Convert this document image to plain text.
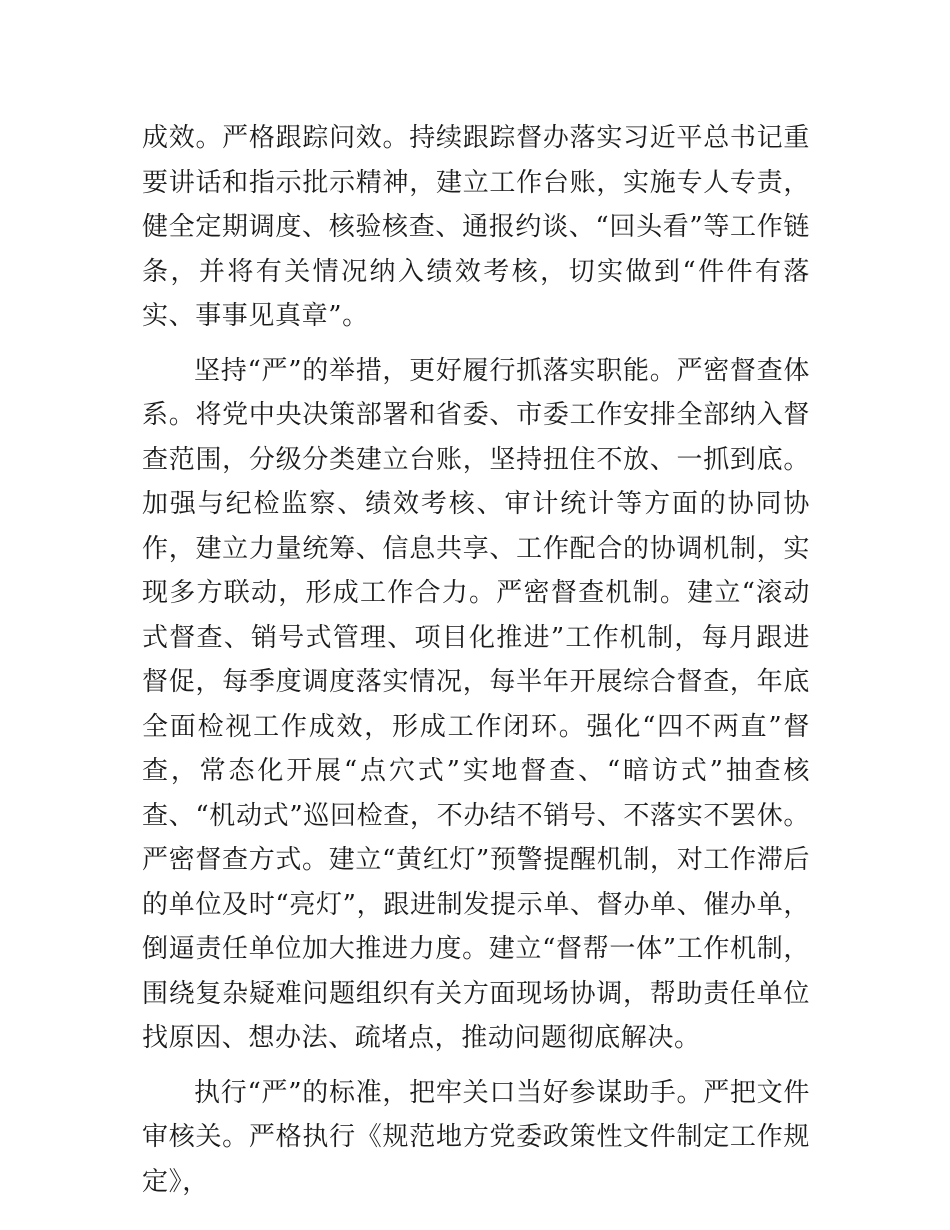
成效。严格跟踪问效。持续跟踪督办落实习近平总书记重要讲话和指示批示精神，建立工作台账，实施专人专责，健全定期调度、核验核查、通报约谈、“回头看”等工作链条，并将有关情况纳入绩效考核，切实做到“件件有落实、事事见真章”。

坚持“严”的举措，更好履行抓落实职能。严密督查体系。将党中央决策部署和省委、市委工作安排全部纳入督查范围，分级分类建立台账，坚持扭住不放、一抓到底。加强与纪检监察、绩效考核、审计统计等方面的协同协作，建立力量统筹、信息共享、工作配合的协调机制，实现多方联动，形成工作合力。严密督查机制。建立“滚动式督查、销号式管理、项目化推进”工作机制，每月跟进督促，每季度调度落实情况，每半年开展综合督查，年底全面检视工作成效，形成工作闭环。强化“四不两直”督查，常态化开展“点穴式”实地督查、“暗访式”抽查核查、“机动式”巡回检查，不办结不销号、不落实不罢休。严密督查方式。建立“黄红灯”预警提醒机制，对工作滞后的单位及时“亮灯”，跟进制发提示单、督办单、催办单，倒逼责任单位加大推进力度。建立“督帮一体”工作机制，围绕复杂疑难问题组织有关方面现场协调，帮助责任单位找原因、想办法、疏堵点，推动问题彻底解决。

执行“严”的标准，把牢关口当好参谋助手。严把文件审核关。严格执行《规范地方党委政策性文件制定工作规定》，
